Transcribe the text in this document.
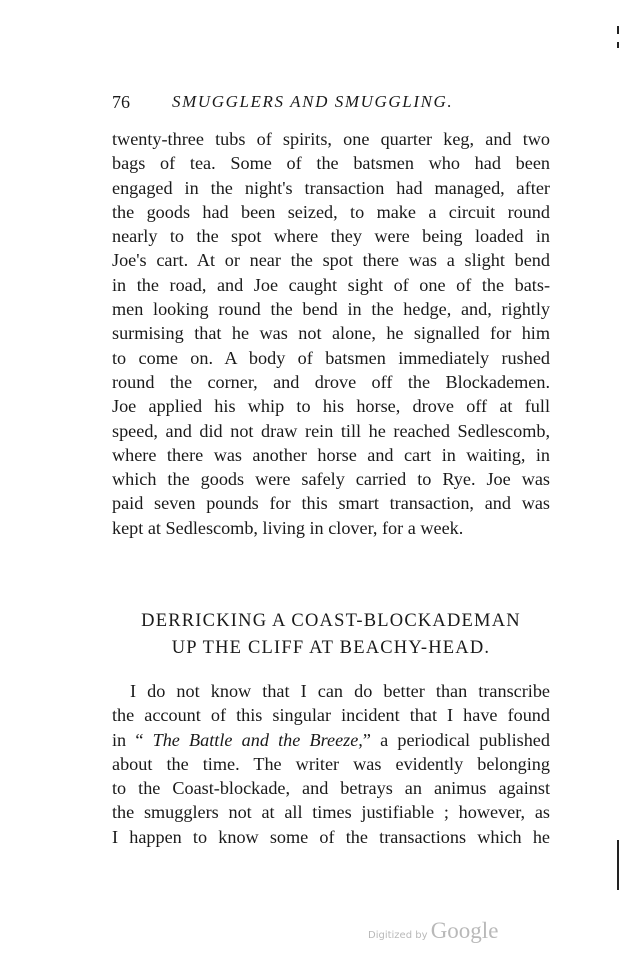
76 SMUGGLERS AND SMUGGLING.
twenty-three tubs of spirits, one quarter keg, and two
bags of tea. Some of the batsmen who had been
engaged in the night's transaction had managed, after
the goods had been seized, to make a circuit round
nearly to the spot where they were being loaded in
Joe's cart. At or near the spot there was a slight bend
in the road, and Joe caught sight of one of the bats-
men looking round the bend in the hedge, and, rightly
surmising that he was not alone, he signalled for him
to come on. A body of batsmen immediately rushed
round the corner, and drove off the Blockademen.
Joe applied his whip to his horse, drove off at full
speed, and did not draw rein till he reached Sedlescomb,
where there was another horse and cart in waiting, in
which the goods were safely carried to Rye. Joe was
paid seven pounds for this smart transaction, and was
kept at Sedlescomb, living in clover, for a week.
DERRICKING A COAST-BLOCKADEMAN
UP THE CLIFF AT BEACHY-HEAD.
I do not know that I can do better than transcribe
the account of this singular incident that I have found
in “ The Battle and the Breeze,” a periodical published
about the time. The writer was evidently belonging
to the Coast-blockade, and betrays an animus against
the smugglers not at all times justifiable ; however, as
I happen to know some of the transactions which he
Digitized by Google
